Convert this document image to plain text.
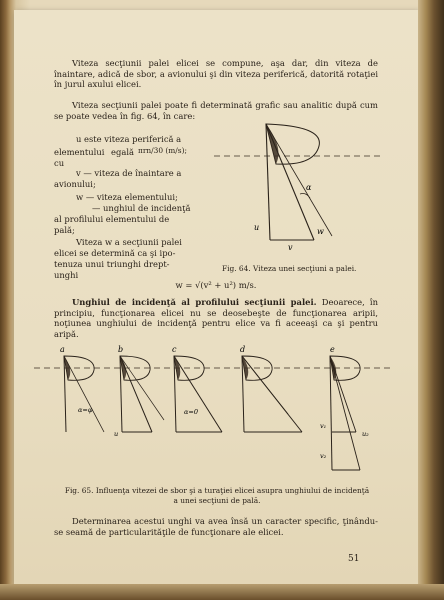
Viteza secţiunii palei elicei se compune, aşa dar, din viteza de înaintare, adică de sbor, a avionului şi din viteza periferică, datorită rotaţiei în jurul axului elicei.
Viteza secţiunii palei poate fi determinată grafic sau analitic după cum se poate vedea în fig. 64, în care:
u este viteza periferică a
elementului egală cu
πrn/30 (m/s);
v — viteza de înaintare a
avionului;
w — viteza elementului;
— unghiul de incidenţă
al profilului elementului de
pală;
Viteza w a secţiunii palei
elicei se determină ca şi ipo-
tenuza unui triunghi drept-
unghi
u
v
w
α
Fig. 64. Viteza unei secţiuni a palei.
w = √(v² + u²) m/s.
Unghiul de incidenţă al profilului secţiunii palei. Deoarece, în principiu, funcţionarea elicei nu se deosebeşte de funcţionarea aripii, noţiunea unghiului de incidenţă pentru elice va fi aceeaşi ca şi pentru aripă.
a
α=φ
b
u
c
α=0
d	e
v₁
v₂
u₂
Fig. 65. Influenţa vitezei de sbor şi a turaţiei elicei asupra unghiului de incidenţă
a unei secţiuni de pală.
Determinarea acestui unghi va avea însă un caracter specific, ţinându-se seamă de particularităţile de funcţionare ale elicei.
51
